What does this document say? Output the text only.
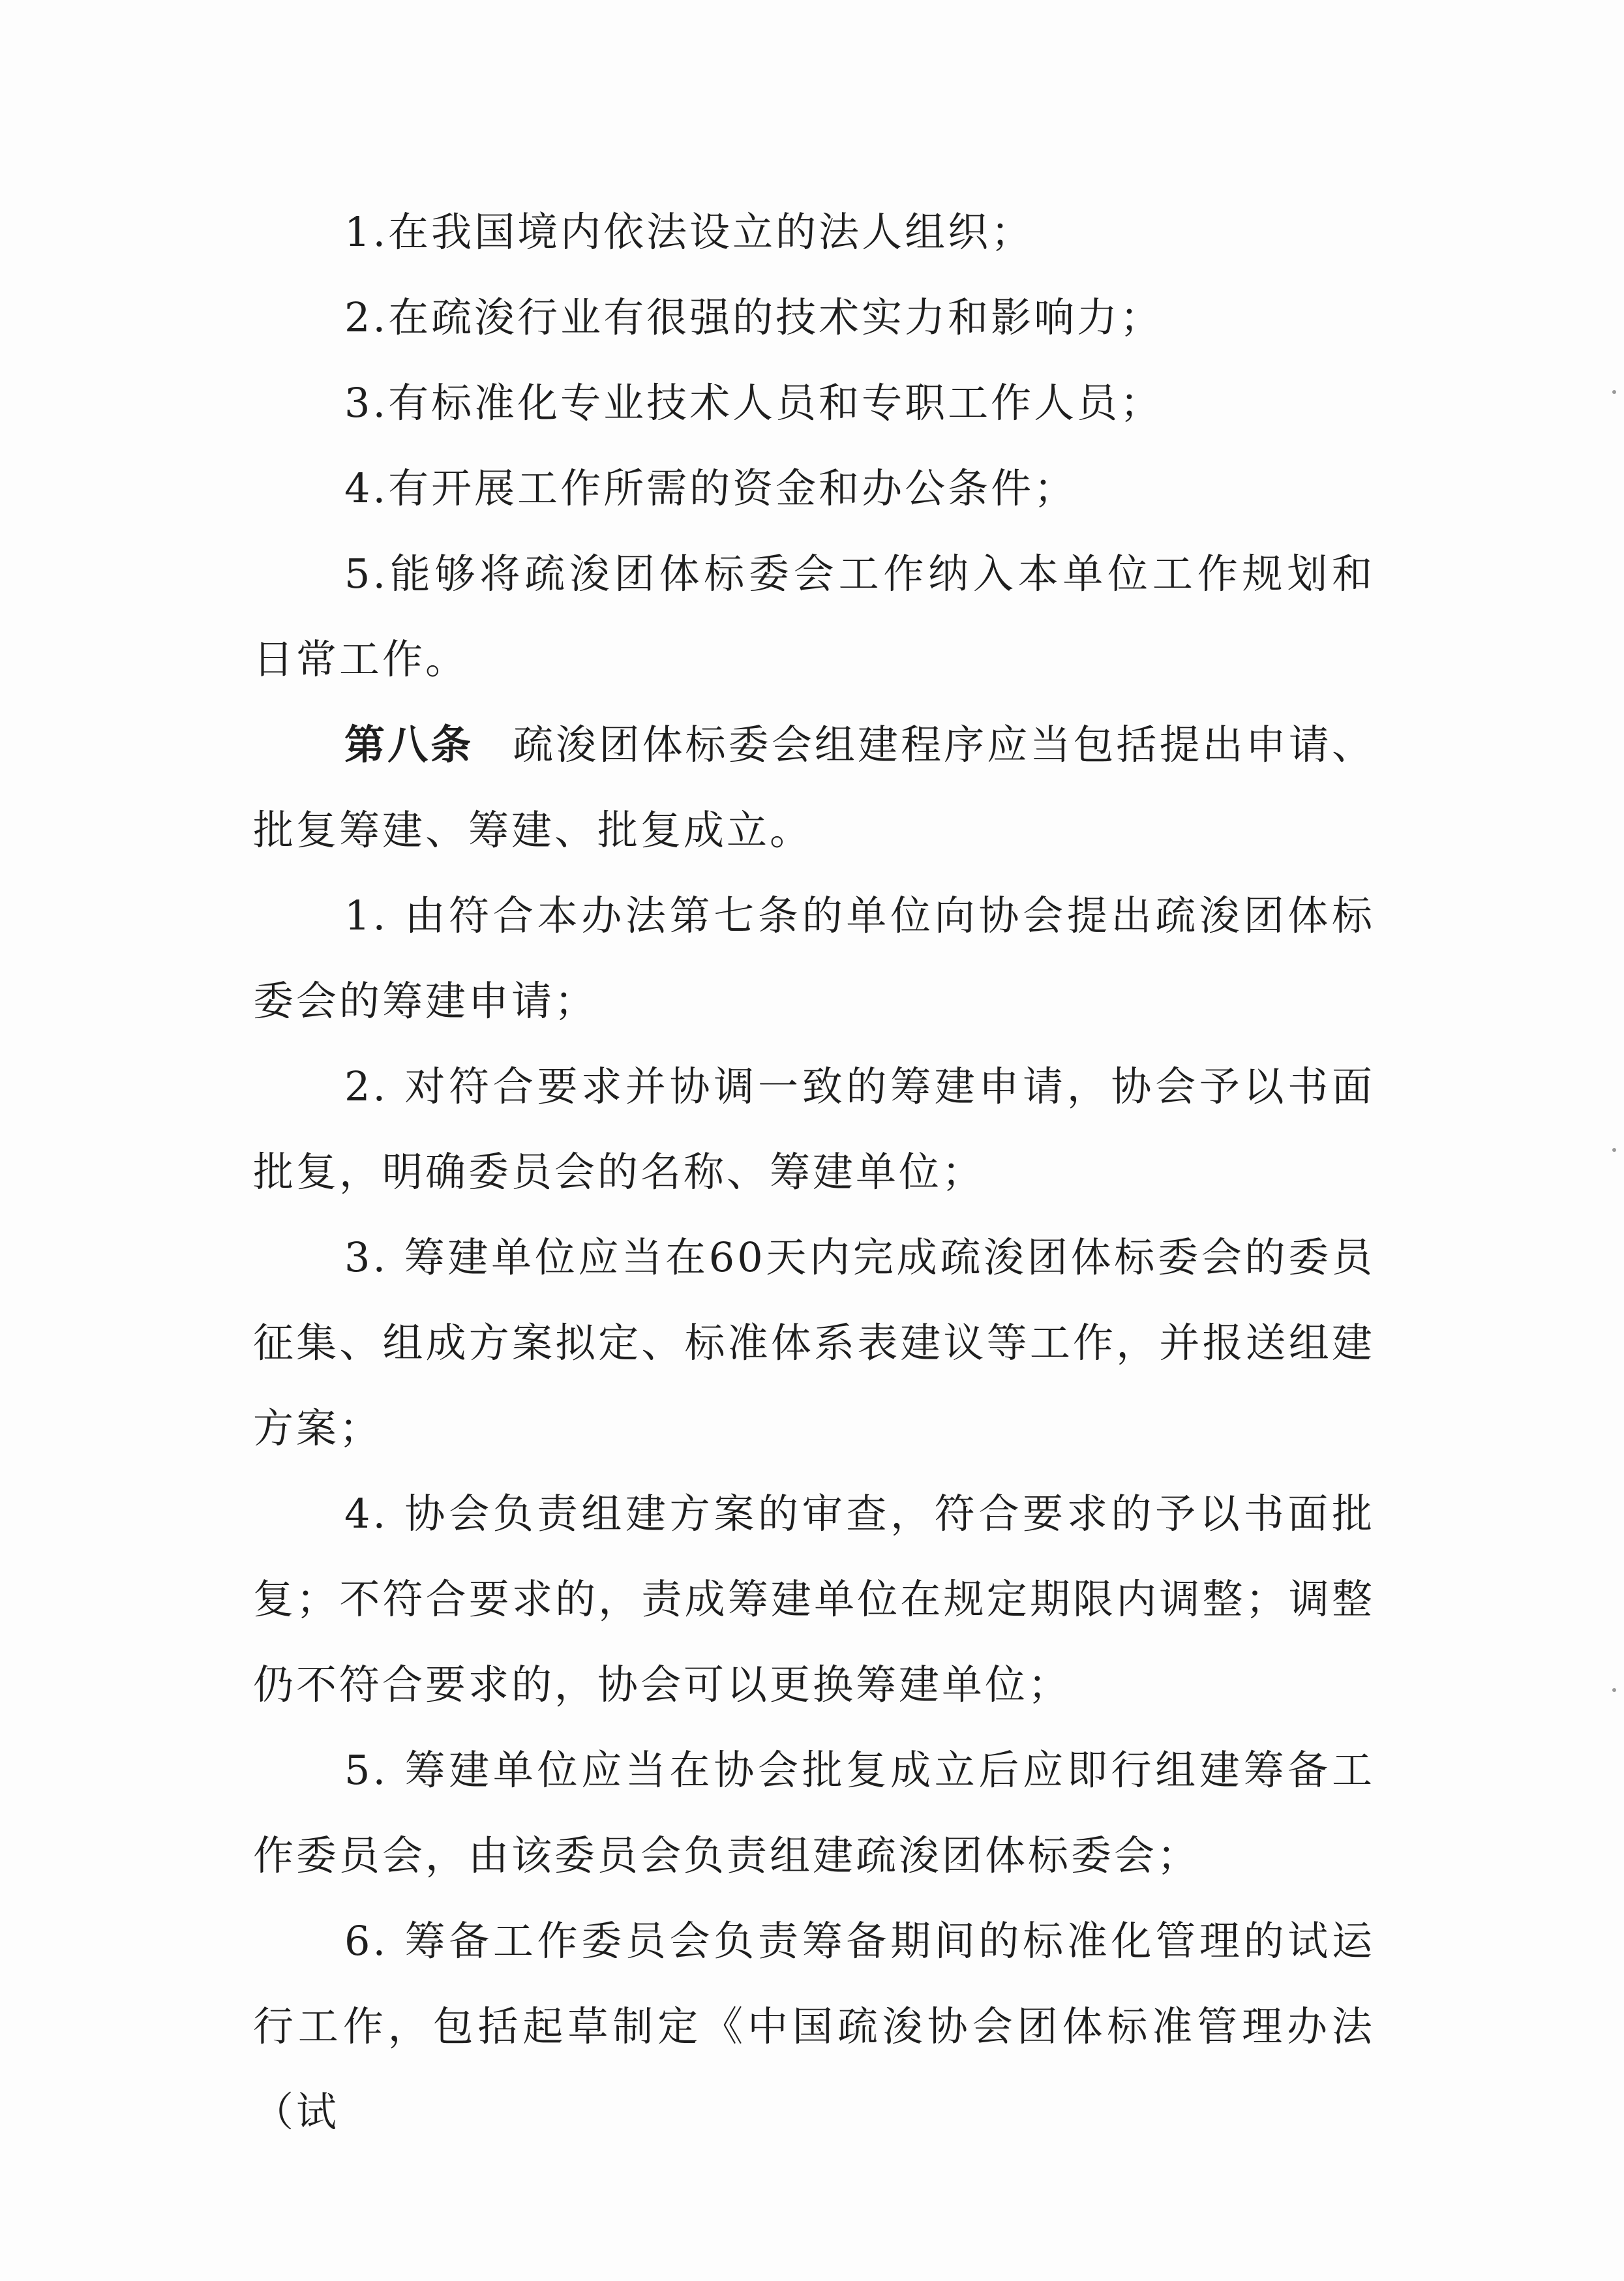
1.在我国境内依法设立的法人组织；

2.在疏浚行业有很强的技术实力和影响力；

3.有标准化专业技术人员和专职工作人员；

4.有开展工作所需的资金和办公条件；

5.能够将疏浚团体标委会工作纳入本单位工作规划和日常工作。

第八条 疏浚团体标委会组建程序应当包括提出申请、批复筹建、筹建、批复成立。

1. 由符合本办法第七条的单位向协会提出疏浚团体标委会的筹建申请；

2. 对符合要求并协调一致的筹建申请，协会予以书面批复，明确委员会的名称、筹建单位；

3. 筹建单位应当在60天内完成疏浚团体标委会的委员征集、组成方案拟定、标准体系表建议等工作，并报送组建方案；

4. 协会负责组建方案的审查，符合要求的予以书面批复；不符合要求的，责成筹建单位在规定期限内调整；调整仍不符合要求的，协会可以更换筹建单位；

5. 筹建单位应当在协会批复成立后应即行组建筹备工作委员会，由该委员会负责组建疏浚团体标委会；

6. 筹备工作委员会负责筹备期间的标准化管理的试运行工作，包括起草制定《中国疏浚协会团体标准管理办法（试
